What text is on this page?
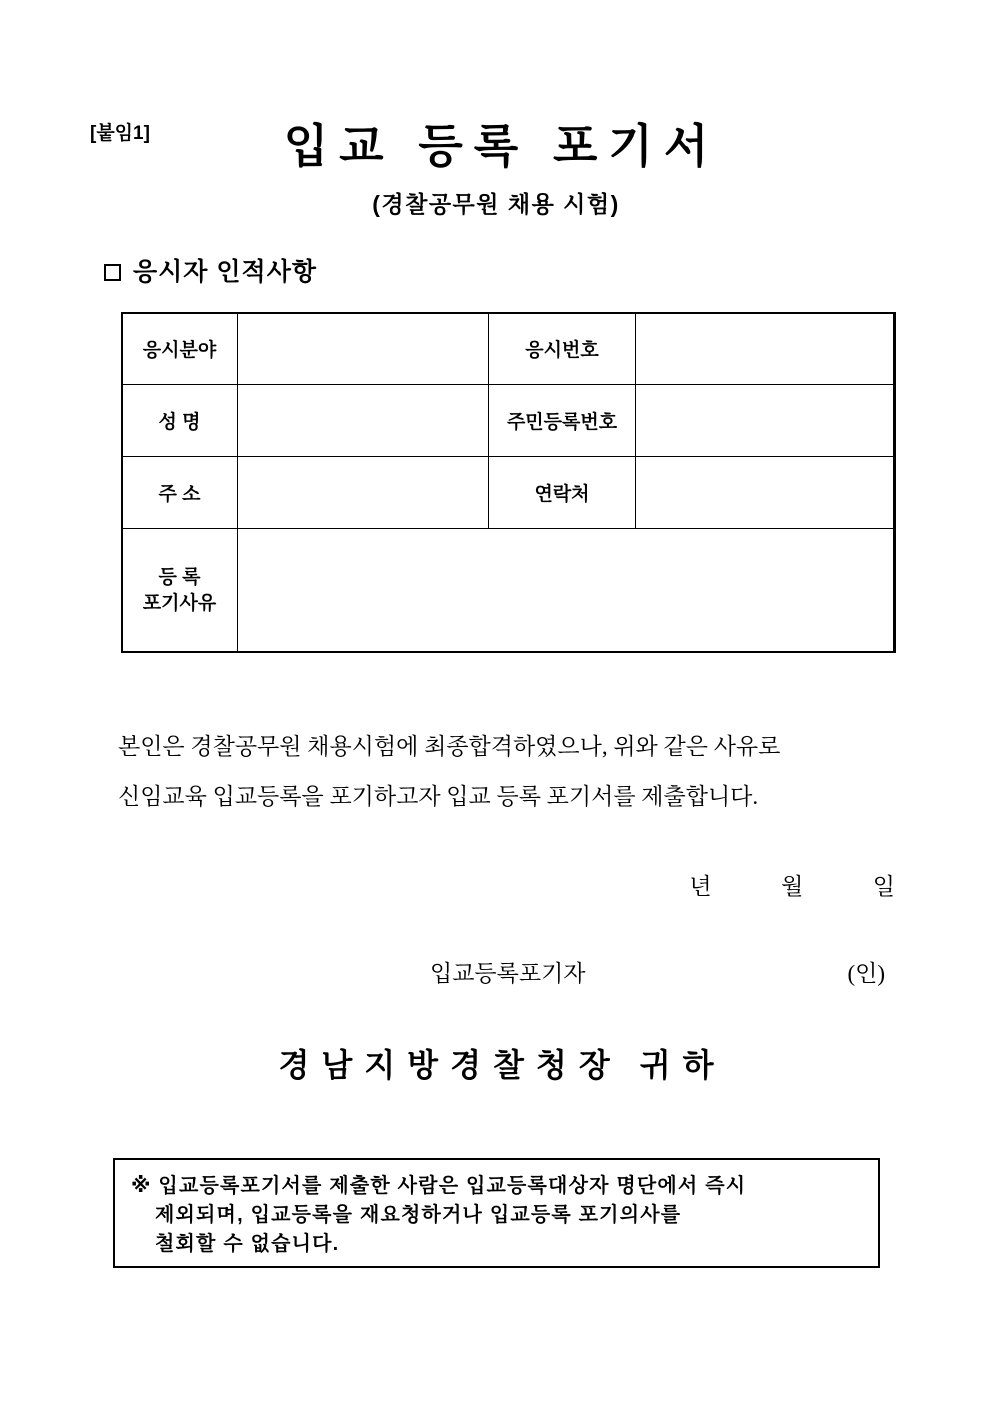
[붙임1]	입교 등록 포기서
(경찰공무원 채용 시험)
응시자 인적사항
응시분야		응시번호	
성 명		주민등록번호	
주 소		연락처	
등 록
포기사유			
본인은 경찰공무원 채용시험에 최종합격하였으나, 위와 같은 사유로
신임교육 입교등록을 포기하고자 입교 등록 포기서를 제출합니다.
년	월	일
입교등록포기자	(인)
경남지방경찰청장 귀하
※ 입교등록포기서를 제출한 사람은 입교등록대상자 명단에서 즉시
제외되며, 입교등록을 재요청하거나 입교등록 포기의사를
철회할 수 없습니다.
